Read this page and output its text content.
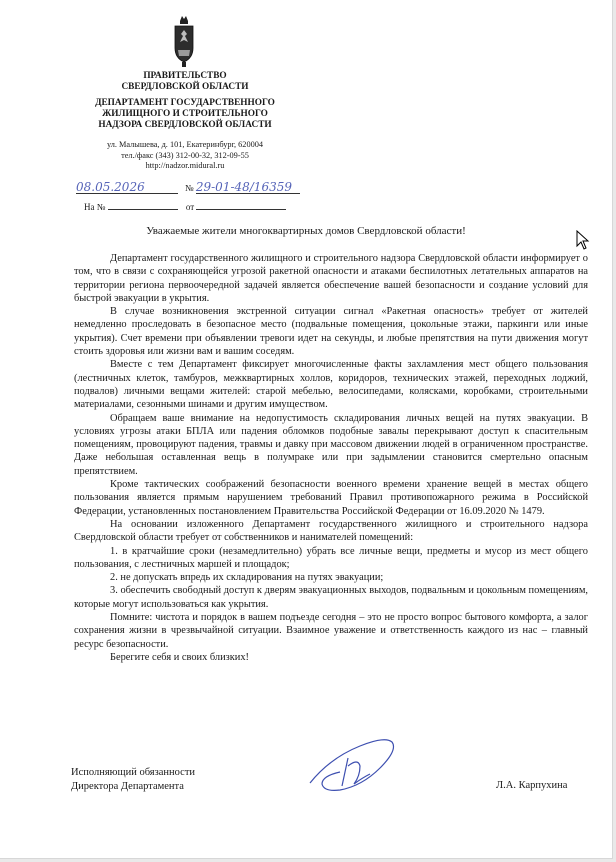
ПРАВИТЕЛЬСТВО
СВЕРДЛОВСКОЙ ОБЛАСТИ
ДЕПАРТАМЕНТ ГОСУДАРСТВЕННОГО
ЖИЛИЩНОГО И СТРОИТЕЛЬНОГО
НАДЗОРА СВЕРДЛОВСКОЙ ОБЛАСТИ
ул. Малышева, д. 101, Екатеринбург, 620004
тел./факс (343) 312-00-32, 312-09-55
http://nadzor.midural.ru
08.05.2026	№ 29-01-48/16359
На №	от
Уважаемые жители многоквартирных домов Свердловской области!

Департамент государственного жилищного и строительного надзора Свердловской области информирует о том, что в связи с сохраняющейся угрозой ракетной опасности и атаками беспилотных летательных аппаратов на территории региона первоочередной задачей является обеспечение вашей безопасности и создание условий для быстрой эвакуации в укрытия.

В случае возникновения экстренной ситуации сигнал «Ракетная опасность» требует от жителей немедленно проследовать в безопасное место (подвальные помещения, цокольные этажи, паркинги или иные укрытия). Счет времени при объявлении тревоги идет на секунды, и любые препятствия на пути движения могут стоить здоровья или жизни вам и вашим соседям.

Вместе с тем Департамент фиксирует многочисленные факты захламления мест общего пользования (лестничных клеток, тамбуров, межквартирных холлов, коридоров, технических этажей, переходных лоджий, подвалов) личными вещами жителей: старой мебелью, велосипедами, колясками, коробками, строительными материалами, сезонными шинами и другим имуществом.

Обращаем ваше внимание на недопустимость складирования личных вещей на путях эвакуации. В условиях угрозы атаки БПЛА или падения обломков подобные завалы перекрывают доступ к спасительным помещениям, провоцируют падения, травмы и давку при массовом движении людей в ограниченном пространстве. Даже небольшая оставленная вещь в полумраке или при задымлении становится смертельно опасным препятствием.

Кроме тактических соображений безопасности военного времени хранение вещей в местах общего пользования является прямым нарушением требований Правил противопожарного режима в Российской Федерации, установленных постановлением Правительства Российской Федерации от 16.09.2020 № 1479.

На основании изложенного Департамент государственного жилищного и строительного надзора Свердловской области требует от собственников и нанимателей помещений:

1. в кратчайшие сроки (незамедлительно) убрать все личные вещи, предметы и мусор из мест общего пользования, с лестничных маршей и площадок;

2. не допускать впредь их складирования на путях эвакуации;

3. обеспечить свободный доступ к дверям эвакуационных выходов, подвальным и цокольным помещениям, которые могут использоваться как укрытия.

Помните: чистота и порядок в вашем подъезде сегодня – это не просто вопрос бытового комфорта, а залог сохранения жизни в чрезвычайной ситуации. Взаимное уважение и ответственность каждого из нас – главный ресурс безопасности.

Берегите себя и своих близких!

Исполняющий обязанности
Директора Департамента	Л.А. Карпухина
